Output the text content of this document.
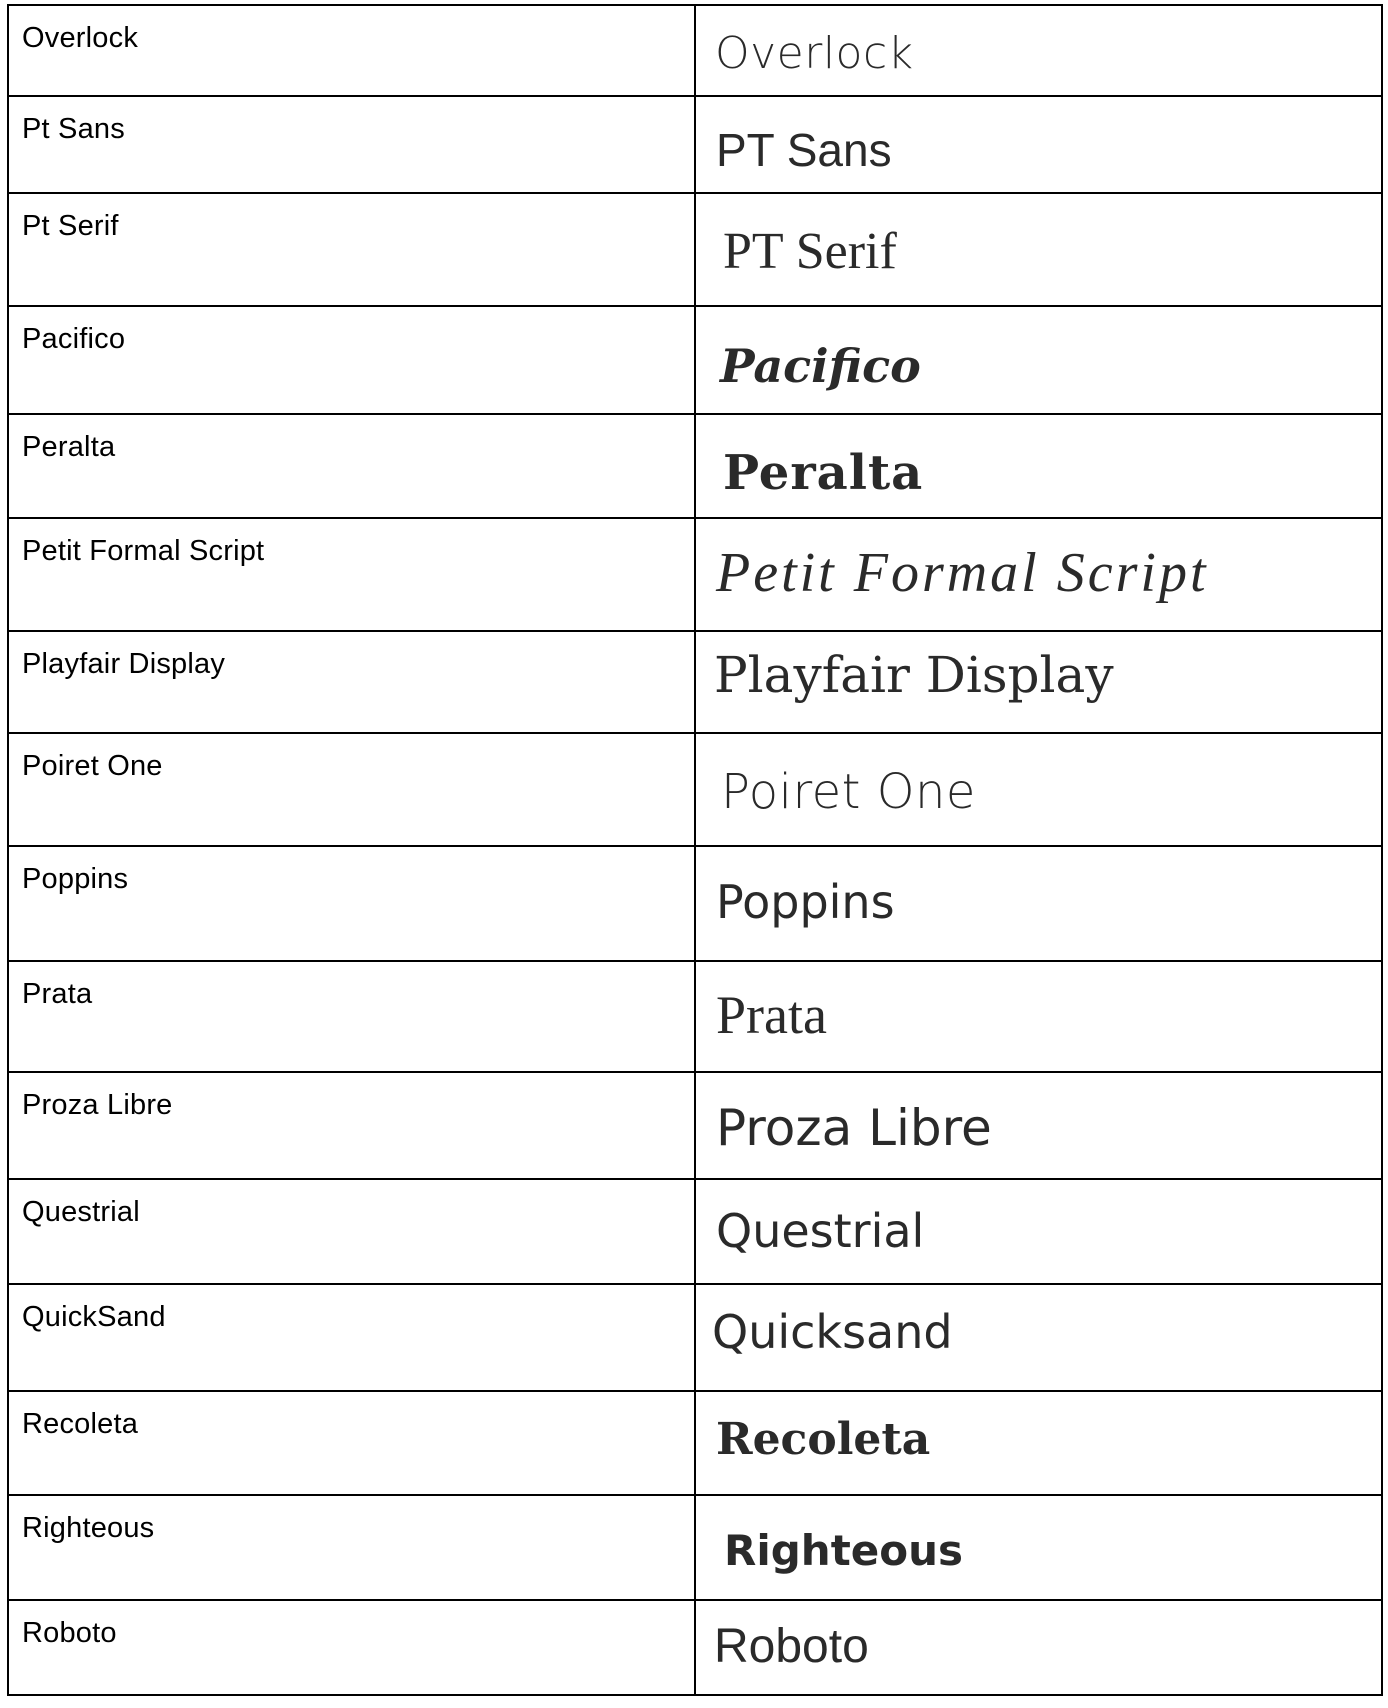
Overlock	Overlock

Pt Sans	PT Sans

Pt Serif	PT Serif

Pacifico	Pacifico

Peralta	Peralta

Petit Formal Script	Petit Formal Script

Playfair Display	Playfair Display

Poiret One	Poiret One

Poppins	Poppins

Prata	Prata

Proza Libre	Proza Libre

Questrial	Questrial

QuickSand	Quicksand

Recoleta	Recoleta

Righteous	Righteous

Roboto	Roboto
